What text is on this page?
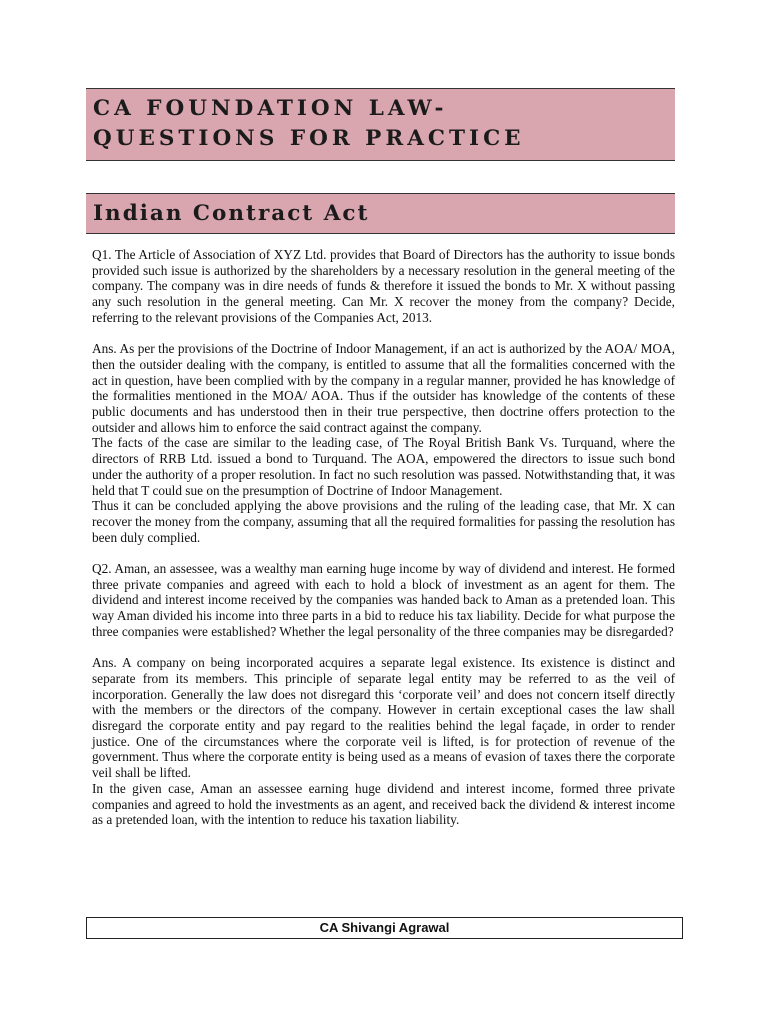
CA FOUNDATION LAW-
QUESTIONS FOR PRACTICE
Indian Contract Act

Q1. The Article of Association of XYZ Ltd. provides that Board of Directors has the authority to issue bonds provided such issue is authorized by the shareholders by a necessary resolution in the general meeting of the company. The company was in dire needs of funds & therefore it issued the bonds to Mr. X without passing any such resolution in the general meeting. Can Mr. X recover the money from the company? Decide, referring to the relevant provisions of the Companies Act, 2013.

Ans. As per the provisions of the Doctrine of Indoor Management, if an act is authorized by the AOA/ MOA, then the outsider dealing with the company, is entitled to assume that all the formalities concerned with the act in question, have been complied with by the company in a regular manner, provided he has knowledge of the formalities mentioned in the MOA/ AOA. Thus if the outsider has knowledge of the contents of these public documents and has understood then in their true perspective, then doctrine offers protection to the outsider and allows him to enforce the said contract against the company.

The facts of the case are similar to the leading case, of The Royal British Bank Vs. Turquand, where the directors of RRB Ltd. issued a bond to Turquand. The AOA, empowered the directors to issue such bond under the authority of a proper resolution. In fact no such resolution was passed. Notwithstanding that, it was held that T could sue on the presumption of Doctrine of Indoor Management.

Thus it can be concluded applying the above provisions and the ruling of the leading case, that Mr. X can recover the money from the company, assuming that all the required formalities for passing the resolution has been duly complied.

Q2. Aman, an assessee, was a wealthy man earning huge income by way of dividend and interest. He formed three private companies and agreed with each to hold a block of investment as an agent for them. The dividend and interest income received by the companies was handed back to Aman as a pretended loan. This way Aman divided his income into three parts in a bid to reduce his tax liability. Decide for what purpose the three companies were established? Whether the legal personality of the three companies may be disregarded?

Ans. A company on being incorporated acquires a separate legal existence. Its existence is distinct and separate from its members. This principle of separate legal entity may be referred to as the veil of incorporation. Generally the law does not disregard this ‘corporate veil’ and does not concern itself directly with the members or the directors of the company. However in certain exceptional cases the law shall disregard the corporate entity and pay regard to the realities behind the legal façade, in order to render justice. One of the circumstances where the corporate veil is lifted, is for protection of revenue of the government. Thus where the corporate entity is being used as a means of evasion of taxes there the corporate veil shall be lifted.

In the given case, Aman an assessee earning huge dividend and interest income, formed three private companies and agreed to hold the investments as an agent, and received back the dividend & interest income as a pretended loan, with the intention to reduce his taxation liability.

CA Shivangi Agrawal
